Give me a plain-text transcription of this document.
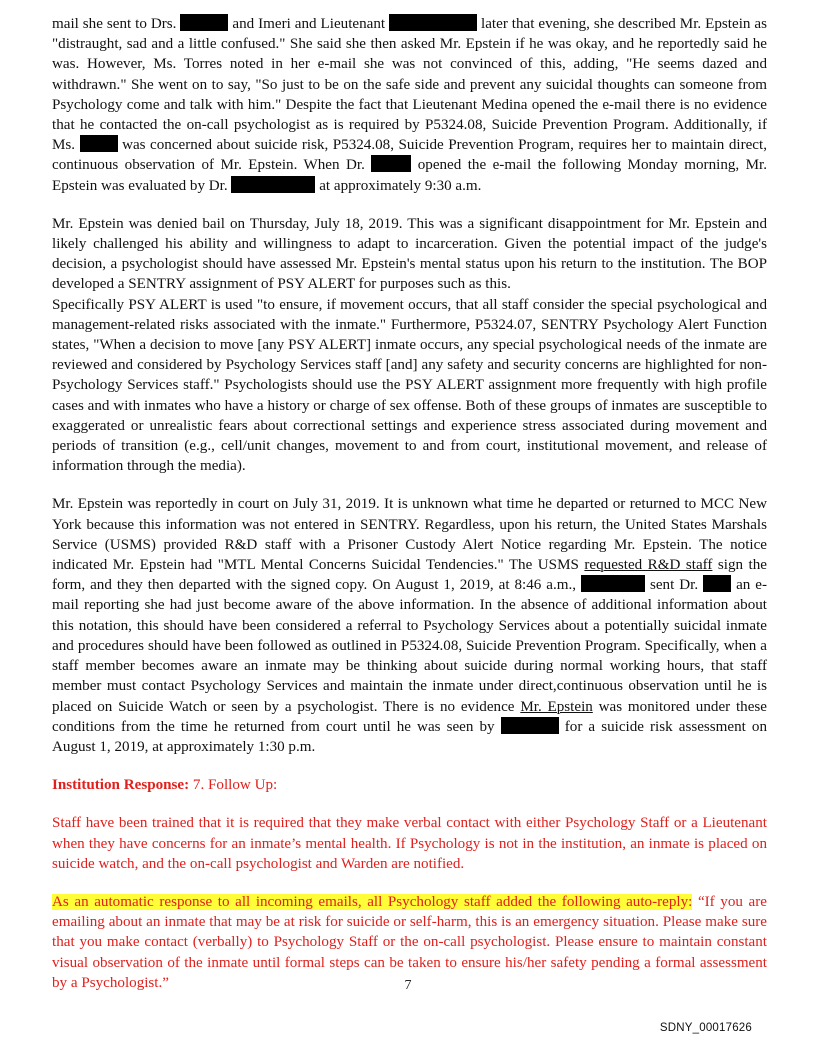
mail she sent to Drs.	and Imeri and Lieutenant	later that evening, she described Mr. Epstein as "distraught, sad and a little confused." She said she then asked Mr. Epstein if he was okay, and he reportedly said he was. However, Ms. Torres noted in her e-mail she was not convinced of this, adding, "He seems dazed and withdrawn." She went on to say, "So just to be on the safe side and prevent any suicidal thoughts can someone from Psychology come and talk with him." Despite the fact that Lieutenant Medina opened the e-mail there is no evidence that he contacted the on-call psychologist as is required by P5324.08, Suicide Prevention Program. Additionally, if Ms.	was concerned about suicide risk, P5324.08, Suicide Prevention Program, requires her to maintain direct, continuous observation of Mr. Epstein. When Dr.	opened the e-mail the following Monday morning, Mr. Epstein was evaluated by Dr.	at approximately 9:30 a.m.

Mr. Epstein was denied bail on Thursday, July 18, 2019. This was a significant disappointment for Mr. Epstein and likely challenged his ability and willingness to adapt to incarceration. Given the potential impact of the judge's decision, a psychologist should have assessed Mr. Epstein's mental status upon his return to the institution. The BOP developed a SENTRY assignment of PSY ALERT for purposes such as this.

Specifically PSY ALERT is used "to ensure, if movement occurs, that all staff consider the special psychological and management-related risks associated with the inmate." Furthermore, P5324.07, SENTRY Psychology Alert Function states, "When a decision to move [any PSY ALERT] inmate occurs, any special psychological needs of the inmate are reviewed and considered by Psychology Services staff [and] any safety and security concerns are highlighted for non-Psychology Services staff." Psychologists should use the PSY ALERT assignment more frequently with high profile cases and with inmates who have a history or charge of sex offense. Both of these groups of inmates are susceptible to exaggerated or unrealistic fears about correctional settings and experience stress associated during movement and periods of transition (e.g., cell/unit changes, movement to and from court, institutional movement, and release of information through the media).

Mr. Epstein was reportedly in court on July 31, 2019. It is unknown what time he departed or returned to MCC New York because this information was not entered in SENTRY. Regardless, upon his return, the United States Marshals Service (USMS) provided R&D staff with a Prisoner Custody Alert Notice regarding Mr. Epstein. The notice indicated Mr. Epstein had "MTL Mental Concerns Suicidal Tendencies." The USMS requested R&D staff sign the form, and they then departed with the signed copy. On August 1, 2019, at 8:46 a.m.,	sent Dr.	an e-mail reporting she had just become aware of the above information. In the absence of additional information about this notation, this should have been considered a referral to Psychology Services about a potentially suicidal inmate and procedures should have been followed as outlined in P5324.08, Suicide Prevention Program. Specifically, when a staff member becomes aware an inmate may be thinking about suicide during normal working hours, that staff member must contact Psychology Services and maintain the inmate under direct,continuous observation until he is placed on Suicide Watch or seen by a psychologist. There is no evidence Mr. Epstein was monitored under these conditions from the time he returned from court until he was seen by	for a suicide risk assessment on August 1, 2019, at approximately 1:30 p.m.

Institution Response: 7. Follow Up:

Staff have been trained that it is required that they make verbal contact with either Psychology Staff or a Lieutenant when they have concerns for an inmate’s mental health. If Psychology is not in the institution, an inmate is placed on suicide watch, and the on-call psychologist and Warden are notified.

As an automatic response to all incoming emails, all Psychology staff added the following auto-reply: “If you are emailing about an inmate that may be at risk for suicide or self-harm, this is an emergency situation. Please make sure that you make contact (verbally) to Psychology Staff or the on-call psychologist. Please ensure to maintain constant visual observation of the inmate until formal steps can be taken to ensure his/her safety pending a formal assessment by a Psychologist.”	7
SDNY_00017626
